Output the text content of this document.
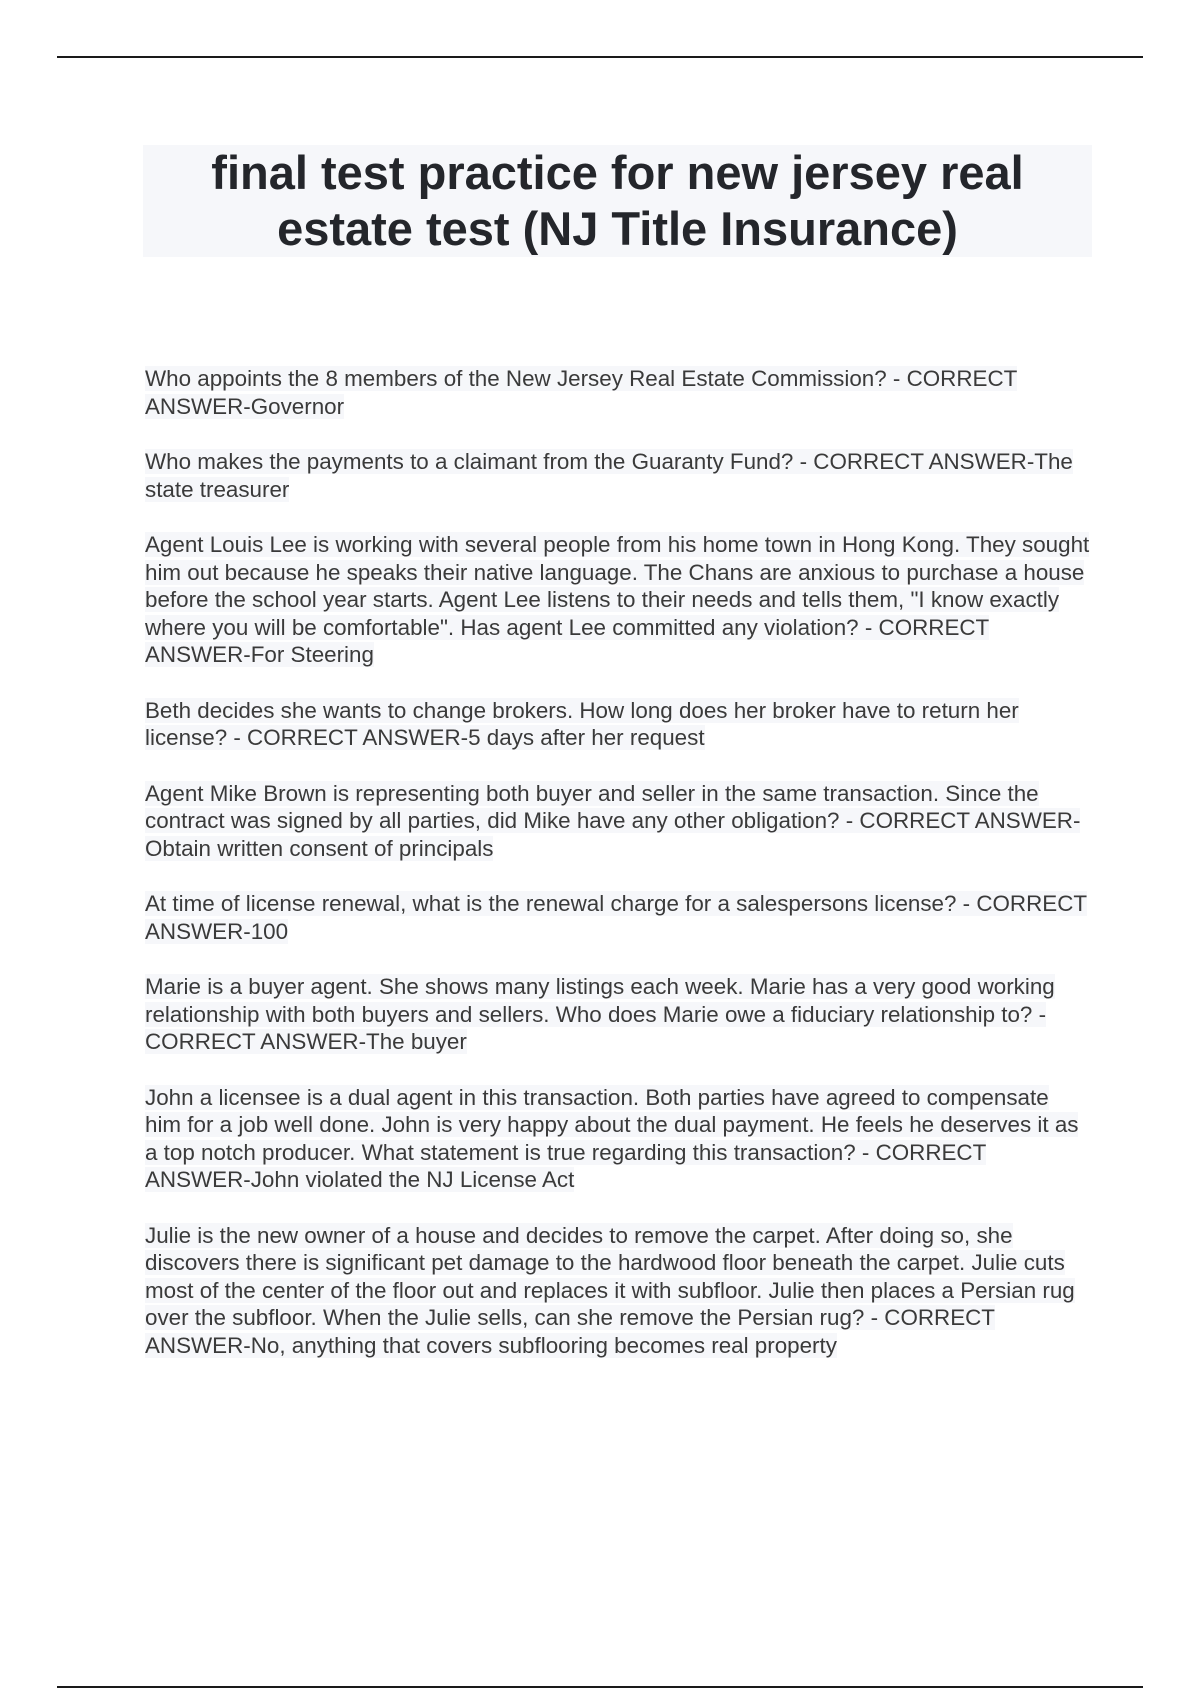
final test practice for new jersey real estate test (NJ Title Insurance)
Who appoints the 8 members of the New Jersey Real Estate Commission? - CORRECT ANSWER-Governor
Who makes the payments to a claimant from the Guaranty Fund? - CORRECT ANSWER-The state treasurer
Agent Louis Lee is working with several people from his home town in Hong Kong. They sought him out because he speaks their native language. The Chans are anxious to purchase a house before the school year starts. Agent Lee listens to their needs and tells them, "I know exactly where you will be comfortable". Has agent Lee committed any violation? - CORRECT ANSWER-For Steering
Beth decides she wants to change brokers. How long does her broker have to return her license? - CORRECT ANSWER-5 days after her request
Agent Mike Brown is representing both buyer and seller in the same transaction. Since the contract was signed by all parties, did Mike have any other obligation? - CORRECT ANSWER-Obtain written consent of principals
At time of license renewal, what is the renewal charge for a salespersons license? - CORRECT ANSWER-100
Marie is a buyer agent. She shows many listings each week. Marie has a very good working relationship with both buyers and sellers. Who does Marie owe a fiduciary relationship to? - CORRECT ANSWER-The buyer
John a licensee is a dual agent in this transaction. Both parties have agreed to compensate him for a job well done. John is very happy about the dual payment. He feels he deserves it as a top notch producer. What statement is true regarding this transaction? - CORRECT ANSWER-John violated the NJ License Act
Julie is the new owner of a house and decides to remove the carpet. After doing so, she discovers there is significant pet damage to the hardwood floor beneath the carpet. Julie cuts most of the center of the floor out and replaces it with subfloor. Julie then places a Persian rug over the subfloor. When the Julie sells, can she remove the Persian rug? - CORRECT ANSWER-No, anything that covers subflooring becomes real property
